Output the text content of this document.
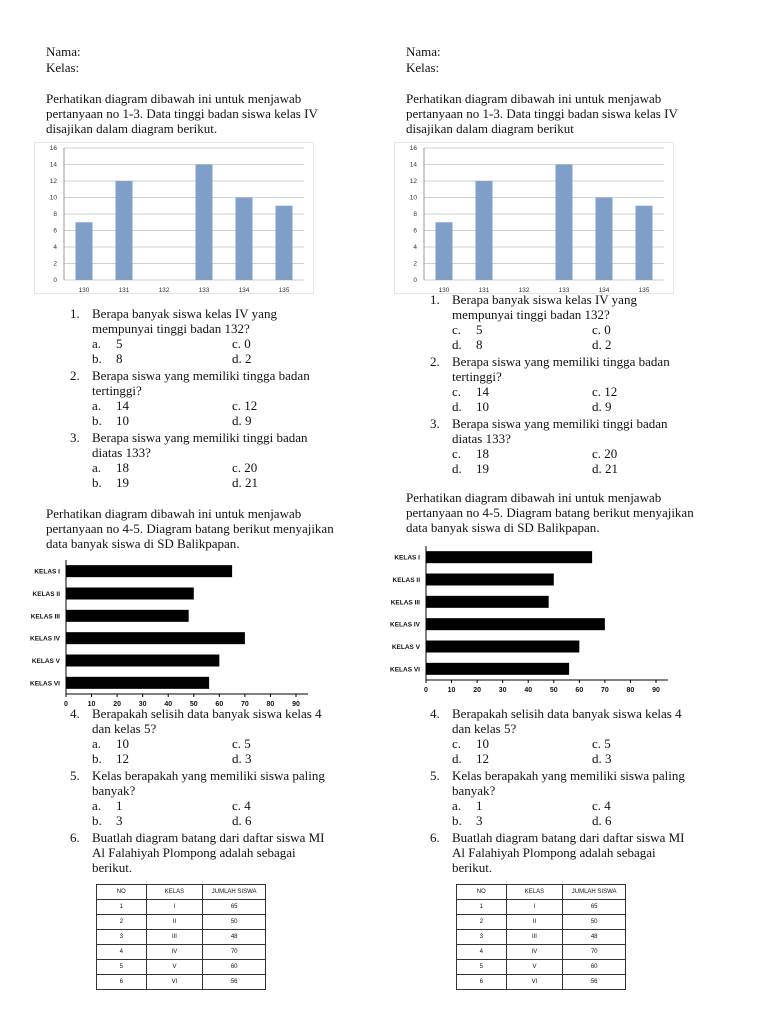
Nama:
Kelas:
Perhatikan diagram dibawah ini untuk menjawab
pertanyaan no 1-3. Data tinggi badan siswa kelas IV
disajikan dalam diagram berikut.
0
2
4
6
8
10
12
14
16
130	131	132	133	134	135
1. Berapa banyak siswa kelas IV yang
mempunyai tinggi badan 132?
a. 5
b. 8
c. 0
d. 2
2. Berapa siswa yang memiliki tingga badan
tertinggi?
a. 14
b. 10
c. 12
d. 9
3. Berapa siswa yang memiliki tinggi badan
diatas 133?
a. 18
b. 19
c. 20
d. 21
Perhatikan diagram dibawah ini untuk menjawab
pertanyaan no 4-5. Diagram batang berikut menyajikan
data banyak siswa di SD Balikpapan.
KELAS I
KELAS II
KELAS III
KELAS IV
KELAS V
KELAS VI
0	10	20	30	40	50	60	70	80	90
4. Berapakah selisih data banyak siswa kelas 4
dan kelas 5?
a. 10
b. 12
c. 5
d. 3
5. Kelas berapakah yang memiliki siswa paling
banyak?
a. 1
b. 3
c. 4
d. 6
6. Buatlah diagram batang dari daftar siswa MI
Al Falahiyah Plompong adalah sebagai
berikut.
NO	KELAS	JUMLAH SISWA
1	I	65
2	II	50
3	III	48
4	IV	70
5	V	60
6	VI	56
Nama:
Kelas:
Perhatikan diagram dibawah ini untuk menjawab
pertanyaan no 1-3. Data tinggi badan siswa kelas IV
disajikan dalam diagram berikut
0
2
4
6
8
10
12
14
16
130	131	132	133	134	135
1. Berapa banyak siswa kelas IV yang
mempunyai tinggi badan 132?
c. 5
d. 8
c. 0
d. 2
2. Berapa siswa yang memiliki tingga badan
tertinggi?
c. 14
d. 10
c. 12
d. 9
3. Berapa siswa yang memiliki tinggi badan
diatas 133?
c. 18
d. 19
c. 20
d. 21
Perhatikan diagram dibawah ini untuk menjawab
pertanyaan no 4-5. Diagram batang berikut menyajikan
data banyak siswa di SD Balikpapan.
KELAS I
KELAS II
KELAS III
KELAS IV
KELAS V
KELAS VI
0	10	20	30	40	50	60	70	80	90
4. Berapakah selisih data banyak siswa kelas 4
dan kelas 5?
c. 10
d. 12
c. 5
d. 3
5. Kelas berapakah yang memiliki siswa paling
banyak?
a. 1
b. 3
c. 4
d. 6
6. Buatlah diagram batang dari daftar siswa MI
Al Falahiyah Plompong adalah sebagai
berikut.
NO	KELAS	JUMLAH SISWA
1	I	65
2	II	50
3	III	48
4	IV	70
5	V	60
6	VI	56
